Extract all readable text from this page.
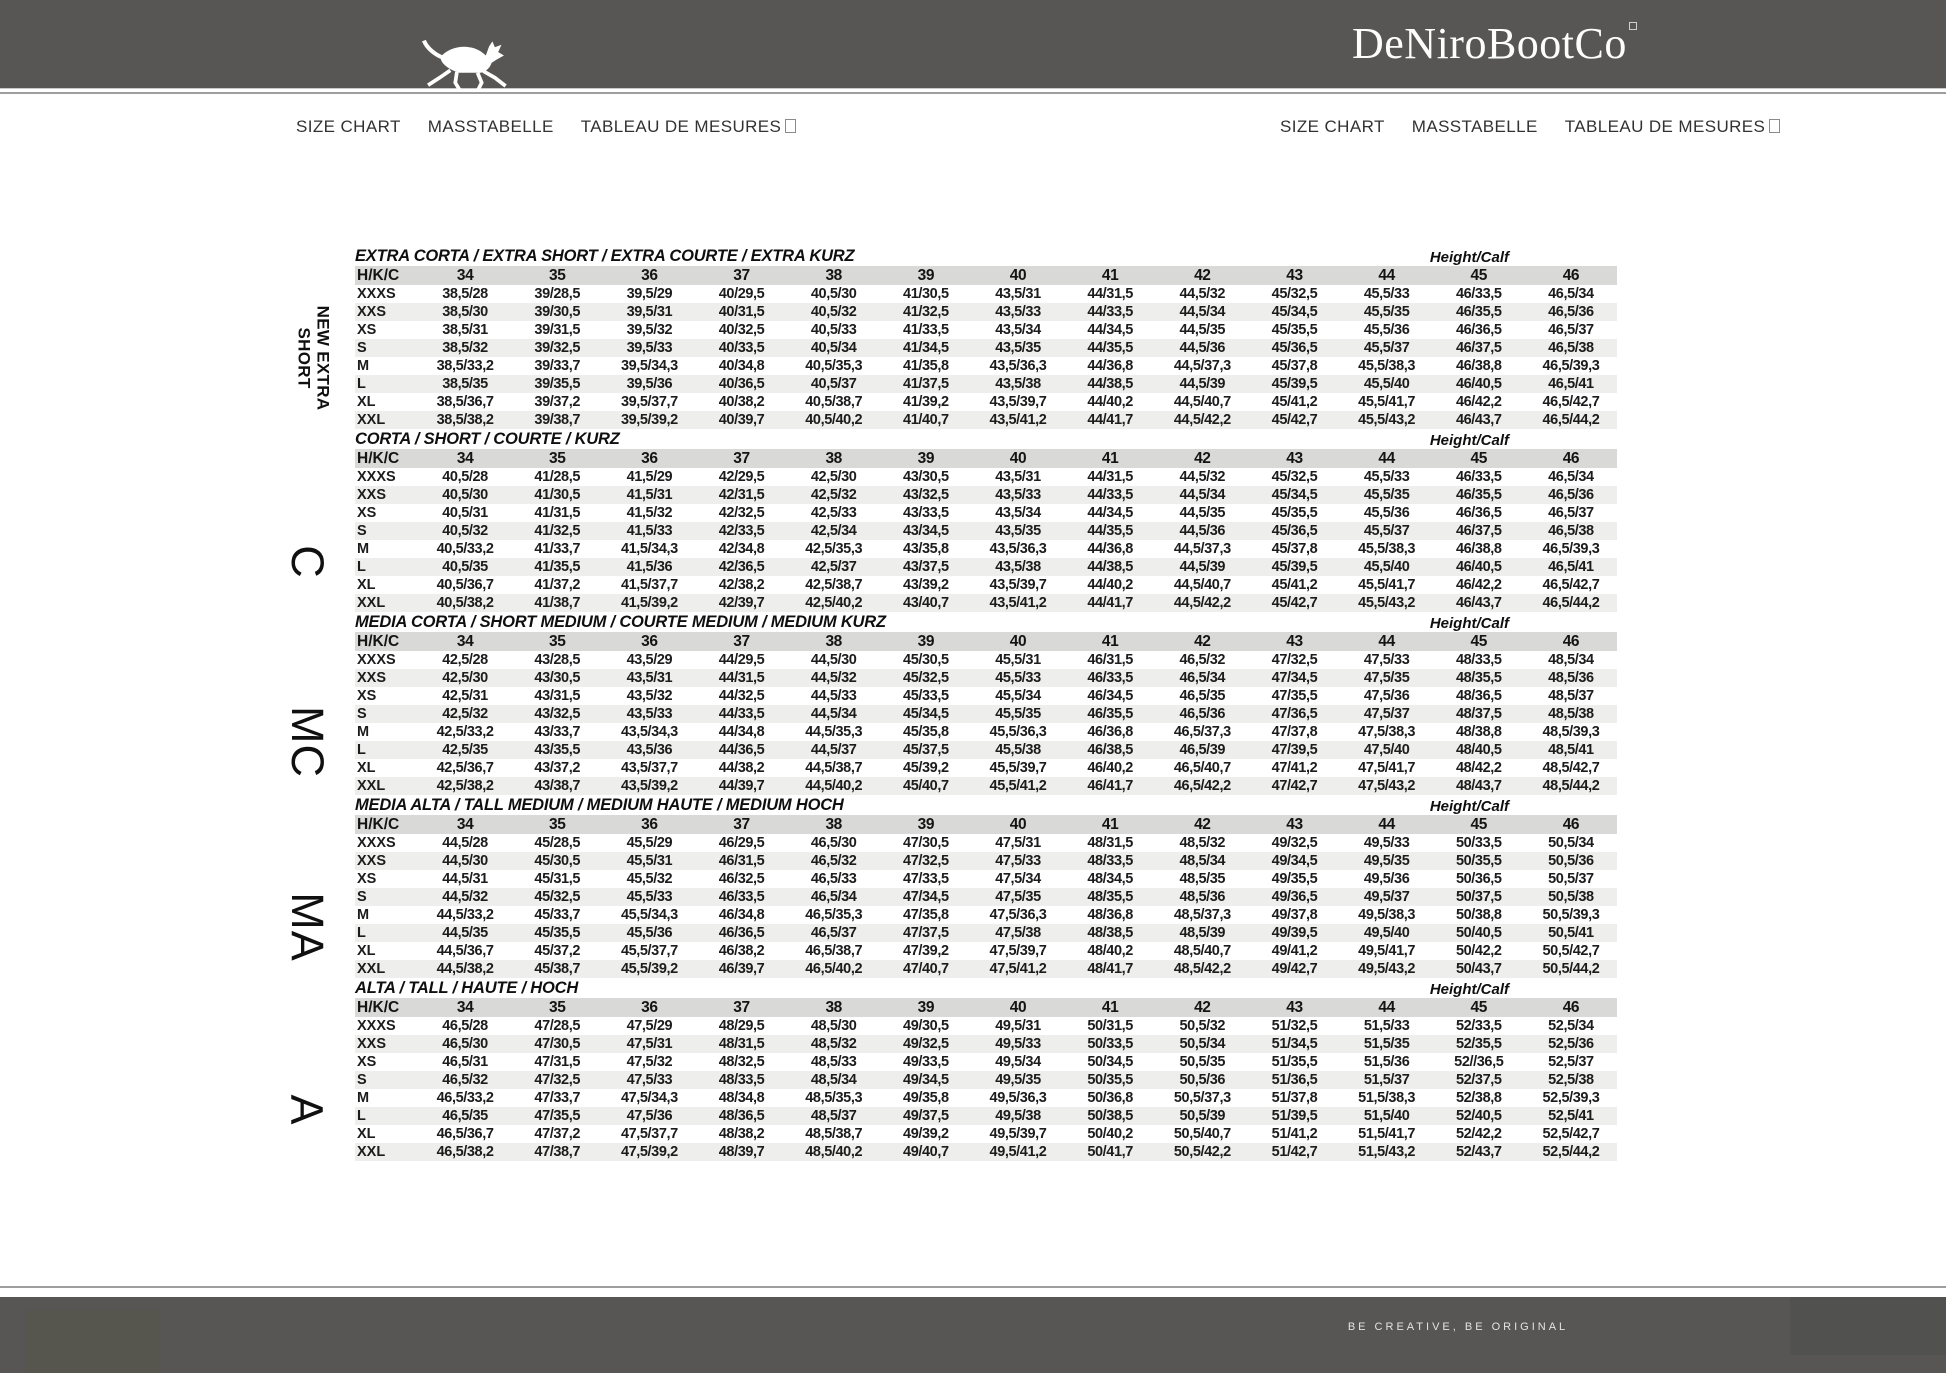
DeNiroBootCo
SIZE CHART MASSTABELLE TABLEAU DE MESURES	SIZE CHART MASSTABELLE TABLEAU DE MESURES
NEW EXTRA
SHORT
C
MC
MA
A
EXTRA CORTA / EXTRA SHORT / EXTRA COURTE / EXTRA KURZ	Height/Calf
H/K/C	34	35	36	37	38	39	40	41	42	43	44	45	46
XXXS	38,5/28	39/28,5	39,5/29	40/29,5	40,5/30	41/30,5	43,5/31	44/31,5	44,5/32	45/32,5	45,5/33	46/33,5	46,5/34
XXS	38,5/30	39/30,5	39,5/31	40/31,5	40,5/32	41/32,5	43,5/33	44/33,5	44,5/34	45/34,5	45,5/35	46/35,5	46,5/36
XS	38,5/31	39/31,5	39,5/32	40/32,5	40,5/33	41/33,5	43,5/34	44/34,5	44,5/35	45/35,5	45,5/36	46/36,5	46,5/37
S	38,5/32	39/32,5	39,5/33	40/33,5	40,5/34	41/34,5	43,5/35	44/35,5	44,5/36	45/36,5	45,5/37	46/37,5	46,5/38
M	38,5/33,2	39/33,7	39,5/34,3	40/34,8	40,5/35,3	41/35,8	43,5/36,3	44/36,8	44,5/37,3	45/37,8	45,5/38,3	46/38,8	46,5/39,3
L	38,5/35	39/35,5	39,5/36	40/36,5	40,5/37	41/37,5	43,5/38	44/38,5	44,5/39	45/39,5	45,5/40	46/40,5	46,5/41
XL	38,5/36,7	39/37,2	39,5/37,7	40/38,2	40,5/38,7	41/39,2	43,5/39,7	44/40,2	44,5/40,7	45/41,2	45,5/41,7	46/42,2	46,5/42,7
XXL	38,5/38,2	39/38,7	39,5/39,2	40/39,7	40,5/40,2	41/40,7	43,5/41,2	44/41,7	44,5/42,2	45/42,7	45,5/43,2	46/43,7	46,5/44,2
CORTA / SHORT / COURTE / KURZ	Height/Calf
H/K/C	34	35	36	37	38	39	40	41	42	43	44	45	46
XXXS	40,5/28	41/28,5	41,5/29	42/29,5	42,5/30	43/30,5	43,5/31	44/31,5	44,5/32	45/32,5	45,5/33	46/33,5	46,5/34
XXS	40,5/30	41/30,5	41,5/31	42/31,5	42,5/32	43/32,5	43,5/33	44/33,5	44,5/34	45/34,5	45,5/35	46/35,5	46,5/36
XS	40,5/31	41/31,5	41,5/32	42/32,5	42,5/33	43/33,5	43,5/34	44/34,5	44,5/35	45/35,5	45,5/36	46/36,5	46,5/37
S	40,5/32	41/32,5	41,5/33	42/33,5	42,5/34	43/34,5	43,5/35	44/35,5	44,5/36	45/36,5	45,5/37	46/37,5	46,5/38
M	40,5/33,2	41/33,7	41,5/34,3	42/34,8	42,5/35,3	43/35,8	43,5/36,3	44/36,8	44,5/37,3	45/37,8	45,5/38,3	46/38,8	46,5/39,3
L	40,5/35	41/35,5	41,5/36	42/36,5	42,5/37	43/37,5	43,5/38	44/38,5	44,5/39	45/39,5	45,5/40	46/40,5	46,5/41
XL	40,5/36,7	41/37,2	41,5/37,7	42/38,2	42,5/38,7	43/39,2	43,5/39,7	44/40,2	44,5/40,7	45/41,2	45,5/41,7	46/42,2	46,5/42,7
XXL	40,5/38,2	41/38,7	41,5/39,2	42/39,7	42,5/40,2	43/40,7	43,5/41,2	44/41,7	44,5/42,2	45/42,7	45,5/43,2	46/43,7	46,5/44,2
MEDIA CORTA / SHORT MEDIUM / COURTE MEDIUM / MEDIUM KURZ	Height/Calf
H/K/C	34	35	36	37	38	39	40	41	42	43	44	45	46
XXXS	42,5/28	43/28,5	43,5/29	44/29,5	44,5/30	45/30,5	45,5/31	46/31,5	46,5/32	47/32,5	47,5/33	48/33,5	48,5/34
XXS	42,5/30	43/30,5	43,5/31	44/31,5	44,5/32	45/32,5	45,5/33	46/33,5	46,5/34	47/34,5	47,5/35	48/35,5	48,5/36
XS	42,5/31	43/31,5	43,5/32	44/32,5	44,5/33	45/33,5	45,5/34	46/34,5	46,5/35	47/35,5	47,5/36	48/36,5	48,5/37
S	42,5/32	43/32,5	43,5/33	44/33,5	44,5/34	45/34,5	45,5/35	46/35,5	46,5/36	47/36,5	47,5/37	48/37,5	48,5/38
M	42,5/33,2	43/33,7	43,5/34,3	44/34,8	44,5/35,3	45/35,8	45,5/36,3	46/36,8	46,5/37,3	47/37,8	47,5/38,3	48/38,8	48,5/39,3
L	42,5/35	43/35,5	43,5/36	44/36,5	44,5/37	45/37,5	45,5/38	46/38,5	46,5/39	47/39,5	47,5/40	48/40,5	48,5/41
XL	42,5/36,7	43/37,2	43,5/37,7	44/38,2	44,5/38,7	45/39,2	45,5/39,7	46/40,2	46,5/40,7	47/41,2	47,5/41,7	48/42,2	48,5/42,7
XXL	42,5/38,2	43/38,7	43,5/39,2	44/39,7	44,5/40,2	45/40,7	45,5/41,2	46/41,7	46,5/42,2	47/42,7	47,5/43,2	48/43,7	48,5/44,2
MEDIA ALTA / TALL MEDIUM / MEDIUM HAUTE / MEDIUM HOCH	Height/Calf
H/K/C	34	35	36	37	38	39	40	41	42	43	44	45	46
XXXS	44,5/28	45/28,5	45,5/29	46/29,5	46,5/30	47/30,5	47,5/31	48/31,5	48,5/32	49/32,5	49,5/33	50/33,5	50,5/34
XXS	44,5/30	45/30,5	45,5/31	46/31,5	46,5/32	47/32,5	47,5/33	48/33,5	48,5/34	49/34,5	49,5/35	50/35,5	50,5/36
XS	44,5/31	45/31,5	45,5/32	46/32,5	46,5/33	47/33,5	47,5/34	48/34,5	48,5/35	49/35,5	49,5/36	50/36,5	50,5/37
S	44,5/32	45/32,5	45,5/33	46/33,5	46,5/34	47/34,5	47,5/35	48/35,5	48,5/36	49/36,5	49,5/37	50/37,5	50,5/38
M	44,5/33,2	45/33,7	45,5/34,3	46/34,8	46,5/35,3	47/35,8	47,5/36,3	48/36,8	48,5/37,3	49/37,8	49,5/38,3	50/38,8	50,5/39,3
L	44,5/35	45/35,5	45,5/36	46/36,5	46,5/37	47/37,5	47,5/38	48/38,5	48,5/39	49/39,5	49,5/40	50/40,5	50,5/41
XL	44,5/36,7	45/37,2	45,5/37,7	46/38,2	46,5/38,7	47/39,2	47,5/39,7	48/40,2	48,5/40,7	49/41,2	49,5/41,7	50/42,2	50,5/42,7
XXL	44,5/38,2	45/38,7	45,5/39,2	46/39,7	46,5/40,2	47/40,7	47,5/41,2	48/41,7	48,5/42,2	49/42,7	49,5/43,2	50/43,7	50,5/44,2
ALTA / TALL / HAUTE / HOCH	Height/Calf
H/K/C	34	35	36	37	38	39	40	41	42	43	44	45	46
XXXS	46,5/28	47/28,5	47,5/29	48/29,5	48,5/30	49/30,5	49,5/31	50/31,5	50,5/32	51/32,5	51,5/33	52/33,5	52,5/34
XXS	46,5/30	47/30,5	47,5/31	48/31,5	48,5/32	49/32,5	49,5/33	50/33,5	50,5/34	51/34,5	51,5/35	52/35,5	52,5/36
XS	46,5/31	47/31,5	47,5/32	48/32,5	48,5/33	49/33,5	49,5/34	50/34,5	50,5/35	51/35,5	51,5/36	52//36,5	52,5/37
S	46,5/32	47/32,5	47,5/33	48/33,5	48,5/34	49/34,5	49,5/35	50/35,5	50,5/36	51/36,5	51,5/37	52/37,5	52,5/38
M	46,5/33,2	47/33,7	47,5/34,3	48/34,8	48,5/35,3	49/35,8	49,5/36,3	50/36,8	50,5/37,3	51/37,8	51,5/38,3	52/38,8	52,5/39,3
L	46,5/35	47/35,5	47,5/36	48/36,5	48,5/37	49/37,5	49,5/38	50/38,5	50,5/39	51/39,5	51,5/40	52/40,5	52,5/41
XL	46,5/36,7	47/37,2	47,5/37,7	48/38,2	48,5/38,7	49/39,2	49,5/39,7	50/40,2	50,5/40,7	51/41,2	51,5/41,7	52/42,2	52,5/42,7
XXL	46,5/38,2	47/38,7	47,5/39,2	48/39,7	48,5/40,2	49/40,7	49,5/41,2	50/41,7	50,5/42,2	51/42,7	51,5/43,2	52/43,7	52,5/44,2
BE CREATIVE, BE ORIGINAL
